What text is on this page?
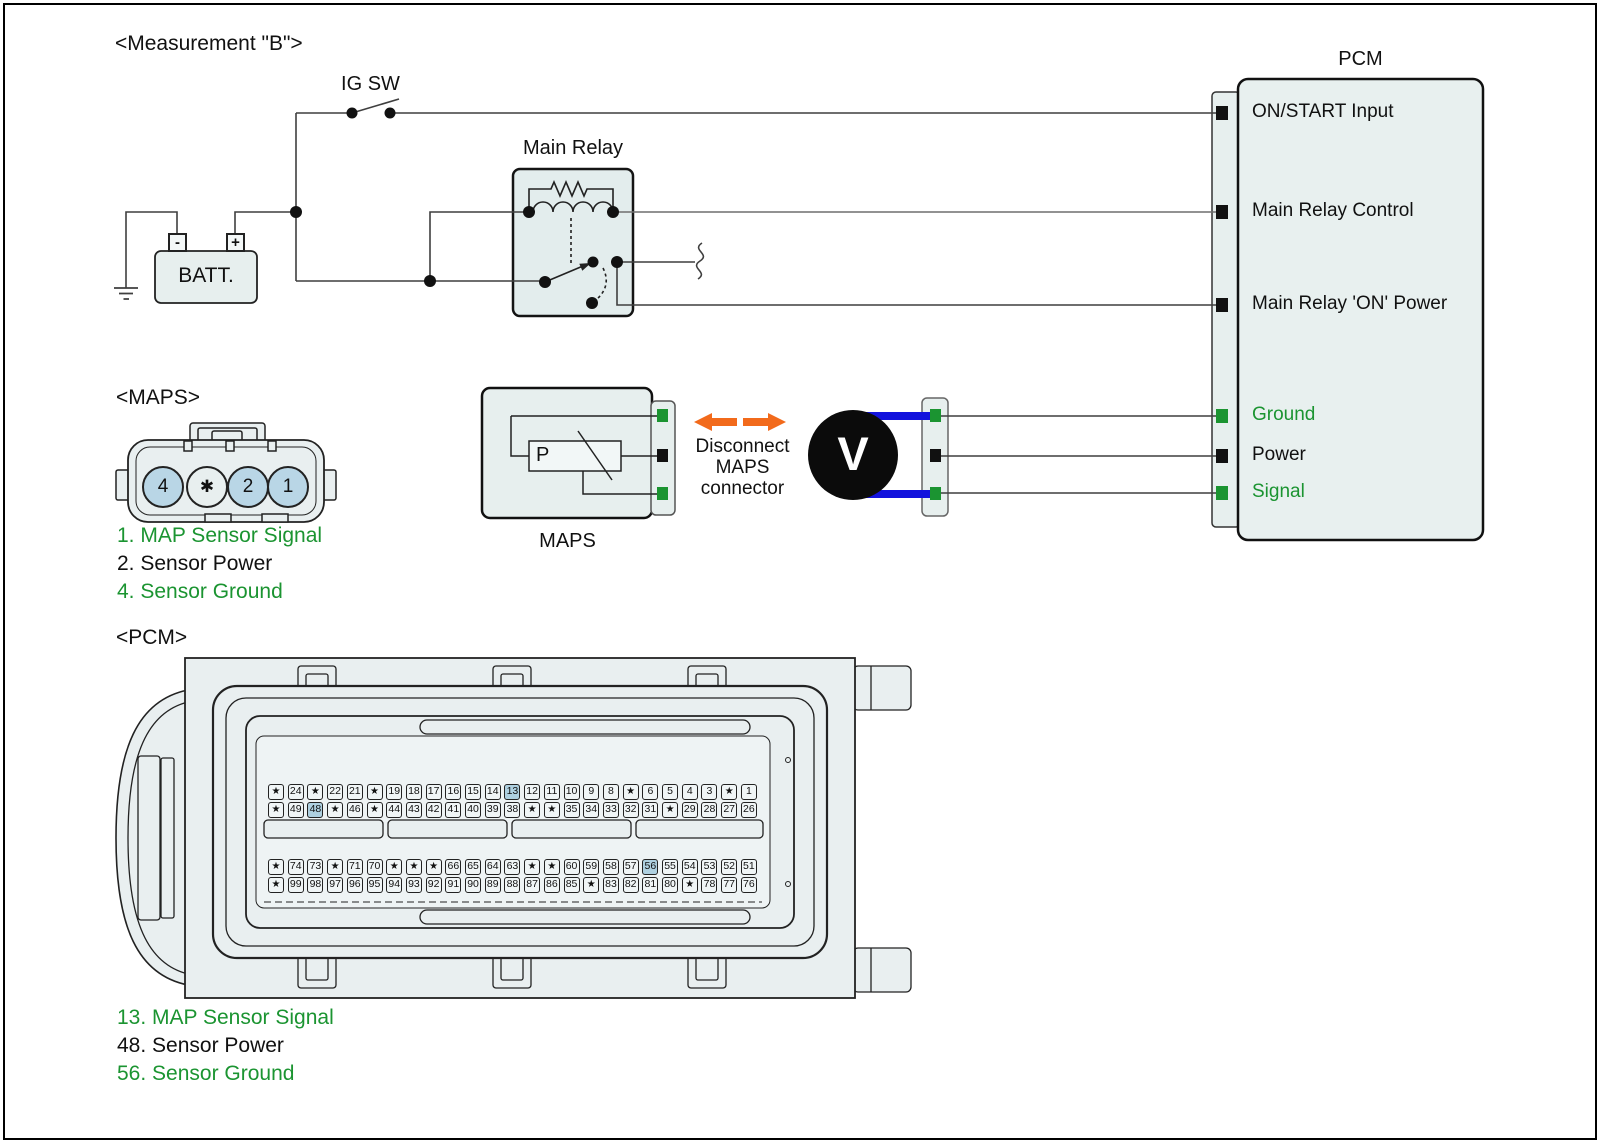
<Measurement "B">
IG SW
Main Relay
BATT.
-	+
PCM
<MAPS>
P
MAPS
Disconnect
MAPS
connector
V
<PCM>
ON/START Input
Main Relay Control
Main Relay 'ON' Power
Ground
Power
Signal
4	✱	2	1
1. MAP Sensor Signal
2. Sensor Power
4. Sensor Ground
13. MAP Sensor Signal
48. Sensor Power
56. Sensor Ground
★ 24 ★ 22 21 ★ 19 18 17 16 15 14 13 12 11 10	9	8	★	6	5	4	3	★	1
★ 49 48 ★ 46 ★ 44 43 42 41 40 39 38 ★	★ 35 34 33 32 31 ★ 29 28 27 26
★ 74 73 ★ 71 70 ★	★	★ 66 65 64 63 ★	★ 60 59 58 57 56 55 54 53 52 51
★ 99 98 97 96 95 94 93 92 91 90 89 88 87 86 85 ★ 83 82 81 80 ★ 78 77 76
